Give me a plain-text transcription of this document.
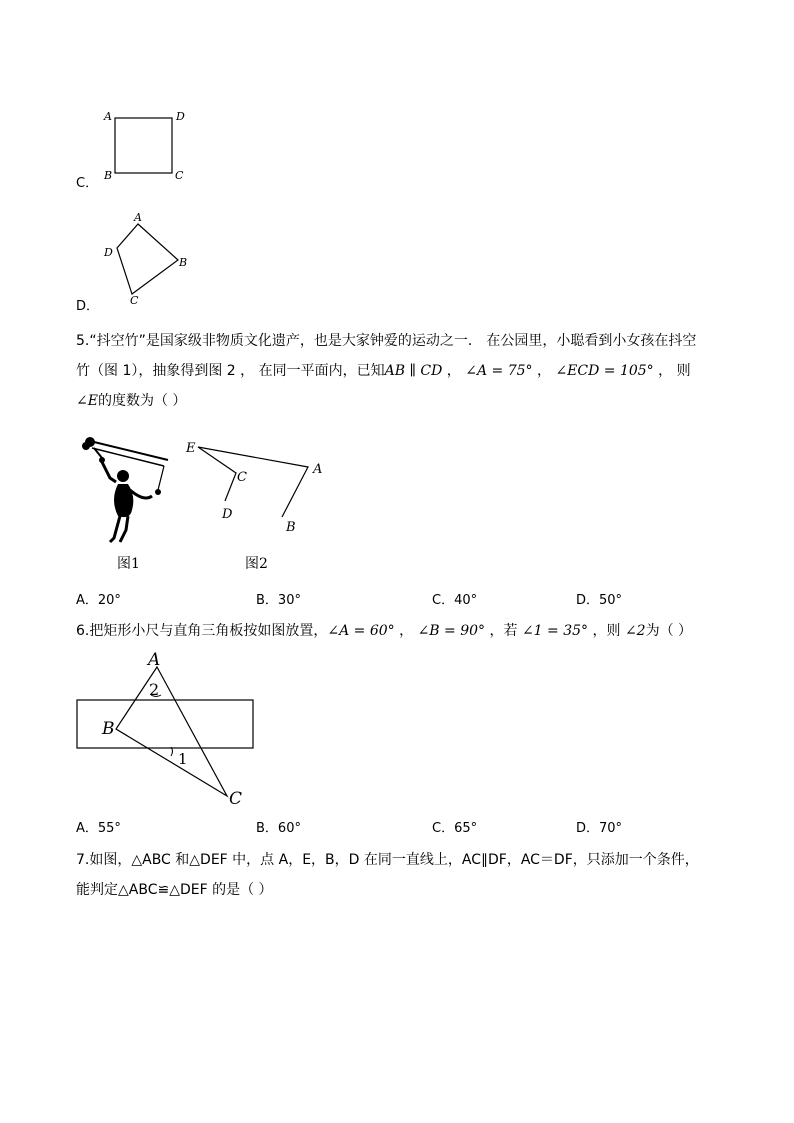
A	D
C
B
C．
A
B
C
D
D．
5.“抖空竹”是国家级非物质文化遗产，也是大家钟爱的运动之一． 在公园里，小聪看到小女孩在抖空
竹（图 1），抽象得到图 2 ， 在同一平面内，已知AB ∥ CD ， ∠A = 75° ， ∠ECD = 105° ， 则
∠E的度数为（ ）
图1
E
C
A
D
B
图2
A．20°	B．30°	C．40°	D．50°
6.把矩形小尺与直角三角板按如图放置，∠A = 60° ， ∠B = 90° ，若 ∠1 = 35° ，则 ∠2为（ ）
A
B
C
1
2
A．55°	B．60°	C．65°	D．70°
7.如图，△ABC 和△DEF 中，点 A，E，B，D 在同一直线上，AC∥DF，AC＝DF，只添加一个条件，
能判定△ABC≌△DEF 的是（ ）
